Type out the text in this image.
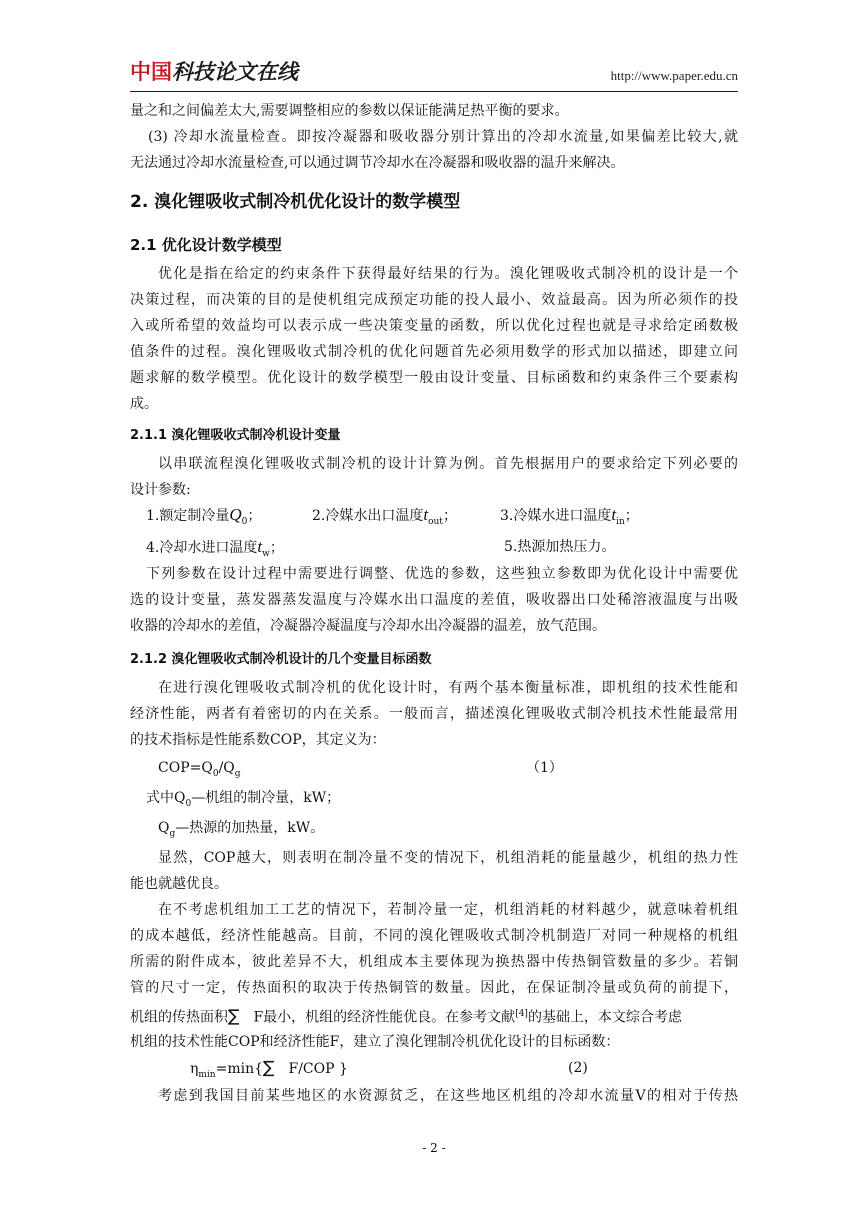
中国科技论文在线	http://www.paper.edu.cn
量之和之间偏差太大,需要调整相应的参数以保证能满足热平衡的要求。
(3) 冷却水流量检查。即按冷凝器和吸收器分别计算出的冷却水流量,如果偏差比较大,就
无法通过冷却水流量检查,可以通过调节冷却水在冷凝器和吸收器的温升来解决。
2. 溴化锂吸收式制冷机优化设计的数学模型
2.1 优化设计数学模型
优化是指在给定的约束条件下获得最好结果的行为。溴化锂吸收式制冷机的设计是一个
决策过程，而决策的目的是使机组完成预定功能的投人最小、效益最高。因为所必须作的投
入或所希望的效益均可以表示成一些决策变量的函数，所以优化过程也就是寻求给定函数极
值条件的过程。溴化锂吸收式制冷机的优化问题首先必须用数学的形式加以描述，即建立问
题求解的数学模型。优化设计的数学模型一般由设计变量、目标函数和约束条件三个要素构
成。
2.1.1 溴化锂吸收式制冷机设计变量
以串联流程溴化锂吸收式制冷机的设计计算为例。首先根据用户的要求给定下列必要的
设计参数:
1.额定制冷量$Q_0$；	2.冷媒水出口温度$t_{out}$；	3.冷媒水进口温度$t_{in}$；
4.冷却水进口温度$t_w$；	5.热源加热压力。
下列参数在设计过程中需要进行调整、优选的参数，这些独立参数即为优化设计中需要优
选的设计变量，蒸发器蒸发温度与冷媒水出口温度的差值，吸收器出口处稀溶液温度与出吸
收器的冷却水的差值，冷凝器冷凝温度与冷却水出冷凝器的温差，放气范围。
2.1.2 溴化锂吸收式制冷机设计的几个变量目标函数
在进行溴化锂吸收式制冷机的优化设计时，有两个基本衡量标准，即机组的技术性能和
经济性能，两者有着密切的内在关系。一般而言，描述溴化锂吸收式制冷机技术性能最常用
的技术指标是性能系数COP，其定义为：
$COP=Q_0/Q_g$	（1）
式中$Q_0—$机组的制冷量，kW；
$Q_g—$热源的加热量，kW。
显然，COP越大，则表明在制冷量不变的情况下，机组消耗的能量越少，机组的热力性
能也就越优良。
在不考虑机组加工工艺的情况下，若制冷量一定，机组消耗的材料越少，就意味着机组
的成本越低，经济性能越高。目前，不同的溴化锂吸收式制冷机制造厂对同一种规格的机组
所需的附件成本，彼此差异不大，机组成本主要体现为换热器中传热铜管数量的多少。若铜
管的尺寸一定，传热面积的取决于传热铜管的数量。因此，在保证制冷量或负荷的前提下，
机组的传热面积∑  F最小，机组的经济性能优良。在参考文献[4]的基础上，本文综合考虑
机组的技术性能COP和经济性能F，建立了溴化锂制冷机优化设计的目标函数：
$\eta_{min}=\min\{\sum$  F/COP }	(2)
考虑到我国目前某些地区的水资源贫乏，在这些地区机组的冷却水流量V的相对于传热
- 2 -
